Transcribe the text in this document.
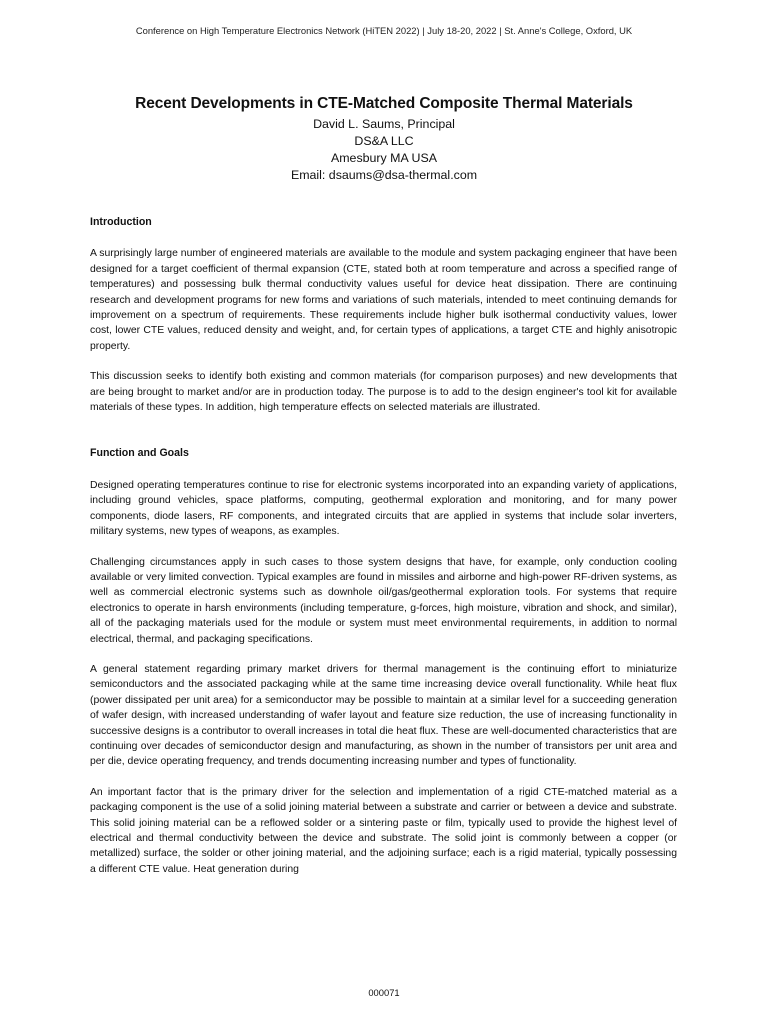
Conference on High Temperature Electronics Network (HiTEN 2022) | July 18-20, 2022 | St. Anne's College, Oxford, UK
Recent Developments in CTE-Matched Composite Thermal Materials
David L. Saums, Principal
DS&A LLC
Amesbury MA USA
Email: dsaums@dsa-thermal.com
Introduction

A surprisingly large number of engineered materials are available to the module and system packaging engineer that have been designed for a target coefficient of thermal expansion (CTE, stated both at room temperature and across a specified range of temperatures) and possessing bulk thermal conductivity values useful for device heat dissipation. There are continuing research and development programs for new forms and variations of such materials, intended to meet continuing demands for improvement on a spectrum of requirements. These requirements include higher bulk isothermal conductivity values, lower cost, lower CTE values, reduced density and weight, and, for certain types of applications, a target CTE and highly anisotropic property.

This discussion seeks to identify both existing and common materials (for comparison purposes) and new developments that are being brought to market and/or are in production today. The purpose is to add to the design engineer's tool kit for available materials of these types. In addition, high temperature effects on selected materials are illustrated.

Function and Goals

Designed operating temperatures continue to rise for electronic systems incorporated into an expanding variety of applications, including ground vehicles, space platforms, computing, geothermal exploration and monitoring, and for many power components, diode lasers, RF components, and integrated circuits that are applied in systems that include solar inverters, military systems, new types of weapons, as examples.

Challenging circumstances apply in such cases to those system designs that have, for example, only conduction cooling available or very limited convection. Typical examples are found in missiles and airborne and high-power RF-driven systems, as well as commercial electronic systems such as downhole oil/gas/geothermal exploration tools. For systems that require electronics to operate in harsh environments (including temperature, g-forces, high moisture, vibration and shock, and similar), all of the packaging materials used for the module or system must meet environmental requirements, in addition to normal electrical, thermal, and packaging specifications.

A general statement regarding primary market drivers for thermal management is the continuing effort to miniaturize semiconductors and the associated packaging while at the same time increasing device overall functionality. While heat flux (power dissipated per unit area) for a semiconductor may be possible to maintain at a similar level for a succeeding generation of wafer design, with increased understanding of wafer layout and feature size reduction, the use of increasing functionality in successive designs is a contributor to overall increases in total die heat flux. These are well-documented characteristics that are continuing over decades of semiconductor design and manufacturing, as shown in the number of transistors per unit area and per die, device operating frequency, and trends documenting increasing number and types of functionality.

An important factor that is the primary driver for the selection and implementation of a rigid CTE-matched material as a packaging component is the use of a solid joining material between a substrate and carrier or between a device and substrate. This solid joining material can be a reflowed solder or a sintering paste or film, typically used to provide the highest level of electrical and thermal conductivity between the device and substrate. The solid joint is commonly between a copper (or metallized) surface, the solder or other joining material, and the adjoining surface; each is a rigid material, typically possessing a different CTE value. Heat generation during

000071
